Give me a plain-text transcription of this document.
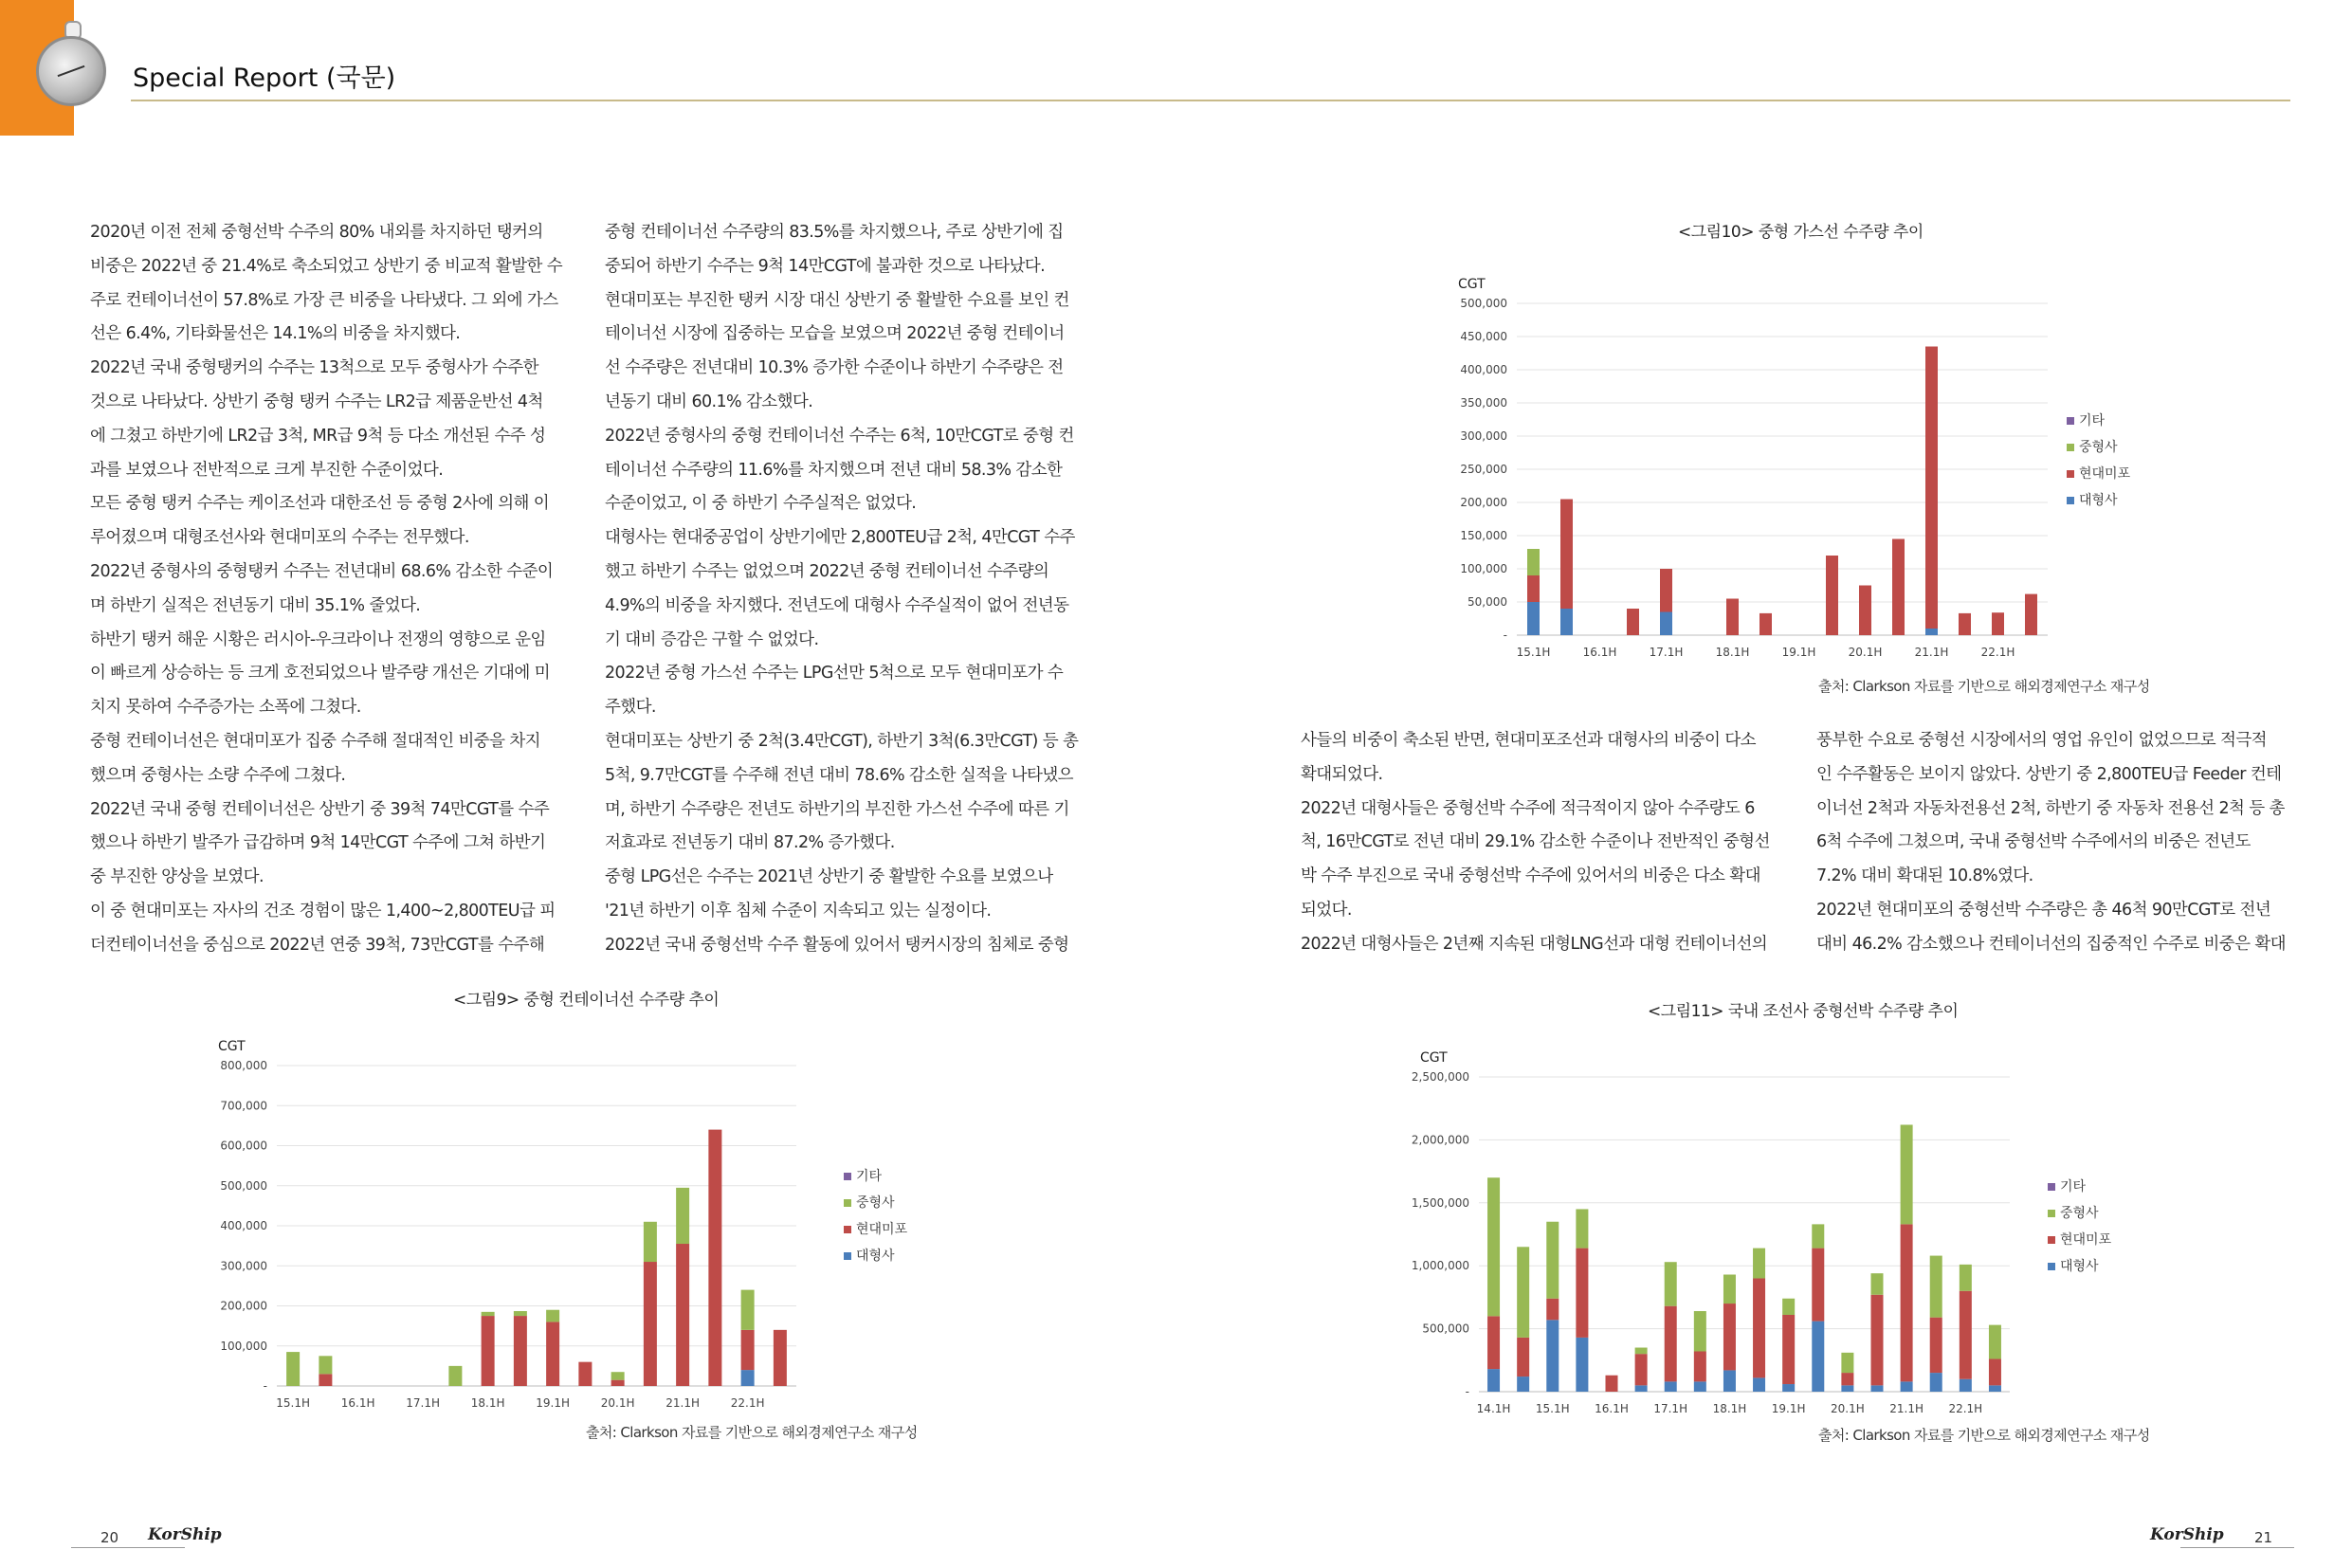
Special Report (국문)

2020년 이전 전체 중형선박 수주의 80% 내외를 차지하던 탱커의

비중은 2022년 중 21.4%로 축소되었고 상반기 중 비교적 활발한 수

주로 컨테이너선이 57.8%로 가장 큰 비중을 나타냈다. 그 외에 가스

선은 6.4%, 기타화물선은 14.1%의 비중을 차지했다.

2022년 국내 중형탱커의 수주는 13척으로 모두 중형사가 수주한

것으로 나타났다. 상반기 중형 탱커 수주는 LR2급 제품운반선 4척

에 그쳤고 하반기에 LR2급 3척, MR급 9척 등 다소 개선된 수주 성

과를 보였으나 전반적으로 크게 부진한 수준이었다.

모든 중형 탱커 수주는 케이조선과 대한조선 등 중형 2사에 의해 이

루어졌으며 대형조선사와 현대미포의 수주는 전무했다.

2022년 중형사의 중형탱커 수주는 전년대비 68.6% 감소한 수준이

며 하반기 실적은 전년동기 대비 35.1% 줄었다.

하반기 탱커 해운 시황은 러시아-우크라이나 전쟁의 영향으로 운임

이 빠르게 상승하는 등 크게 호전되었으나 발주량 개선은 기대에 미

치지 못하여 수주증가는 소폭에 그쳤다.

중형 컨테이너선은 현대미포가 집중 수주해 절대적인 비중을 차지

했으며 중형사는 소량 수주에 그쳤다.

2022년 국내 중형 컨테이너선은 상반기 중 39척 74만CGT를 수주

했으나 하반기 발주가 급감하며 9척 14만CGT 수주에 그쳐 하반기

중 부진한 양상을 보였다.

이 중 현대미포는 자사의 건조 경험이 많은 1,400~2,800TEU급 피

더컨테이너선을 중심으로 2022년 연중 39척, 73만CGT를 수주해

중형 컨테이너선 수주량의 83.5%를 차지했으나, 주로 상반기에 집

중되어 하반기 수주는 9척 14만CGT에 불과한 것으로 나타났다.

현대미포는 부진한 탱커 시장 대신 상반기 중 활발한 수요를 보인 컨

테이너선 시장에 집중하는 모습을 보였으며 2022년 중형 컨테이너

선 수주량은 전년대비 10.3% 증가한 수준이나 하반기 수주량은 전

년동기 대비 60.1% 감소했다.

2022년 중형사의 중형 컨테이너선 수주는 6척, 10만CGT로 중형 컨

테이너선 수주량의 11.6%를 차지했으며 전년 대비 58.3% 감소한

수준이었고, 이 중 하반기 수주실적은 없었다.

대형사는 현대중공업이 상반기에만 2,800TEU급 2척, 4만CGT 수주

했고 하반기 수주는 없었으며 2022년 중형 컨테이너선 수주량의

4.9%의 비중을 차지했다. 전년도에 대형사 수주실적이 없어 전년동

기 대비 증감은 구할 수 없었다.

2022년 중형 가스선 수주는 LPG선만 5척으로 모두 현대미포가 수

주했다.

현대미포는 상반기 중 2척(3.4만CGT), 하반기 3척(6.3만CGT) 등 총

5척, 9.7만CGT를 수주해 전년 대비 78.6% 감소한 실적을 나타냈으

며, 하반기 수주량은 전년도 하반기의 부진한 가스선 수주에 따른 기

저효과로 전년동기 대비 87.2% 증가했다.

중형 LPG선은 수주는 2021년 상반기 중 활발한 수요를 보였으나

'21년 하반기 이후 침체 수준이 지속되고 있는 실정이다.

2022년 국내 중형선박 수주 활동에 있어서 탱커시장의 침체로 중형

사들의 비중이 축소된 반면, 현대미포조선과 대형사의 비중이 다소

확대되었다.

2022년 대형사들은 중형선박 수주에 적극적이지 않아 수주량도 6

척, 16만CGT로 전년 대비 29.1% 감소한 수준이나 전반적인 중형선

박 수주 부진으로 국내 중형선박 수주에 있어서의 비중은 다소 확대

되었다.

2022년 대형사들은 2년째 지속된 대형LNG선과 대형 컨테이너선의

풍부한 수요로 중형선 시장에서의 영업 유인이 없었으므로 적극적

인 수주활동은 보이지 않았다. 상반기 중 2,800TEU급 Feeder 컨테

이너선 2척과 자동차전용선 2척, 하반기 중 자동차 전용선 2척 등 총

6척 수주에 그쳤으며, 국내 중형선박 수주에서의 비중은 전년도

7.2% 대비 확대된 10.8%였다.

2022년 현대미포의 중형선박 수주량은 총 46척 90만CGT로 전년

대비 46.2% 감소했으나 컨테이너선의 집중적인 수주로 비중은 확대

<그림9> 중형 컨테이너선 수주량 추이
CGT
-
100,000
200,000
300,000
400,000
500,000
600,000
700,000
800,000
15.1H	16.1H	17.1H	18.1H	19.1H	20.1H	21.1H	22.1H
기타
중형사
현대미포
대형사
출처: Clarkson 자료를 기반으로 해외경제연구소 재구성
<그림10> 중형 가스선 수주량 추이
CGT
-
50,000
100,000
150,000
200,000
250,000
300,000
350,000
400,000
450,000
500,000
15.1H	16.1H	17.1H	18.1H	19.1H	20.1H	21.1H	22.1H
기타
중형사
현대미포
대형사
출처: Clarkson 자료를 기반으로 해외경제연구소 재구성
<그림11> 국내 조선사 중형선박 수주량 추이
CGT
-
500,000
1,000,000
1,500,000
2,000,000
2,500,000
14.1H 15.1H 16.1H 17.1H 18.1H 19.1H 20.1H 21.1H 22.1H
기타
중형사
현대미포
대형사
출처: Clarkson 자료를 기반으로 해외경제연구소 재구성
20 KorShip	KorShip 21
